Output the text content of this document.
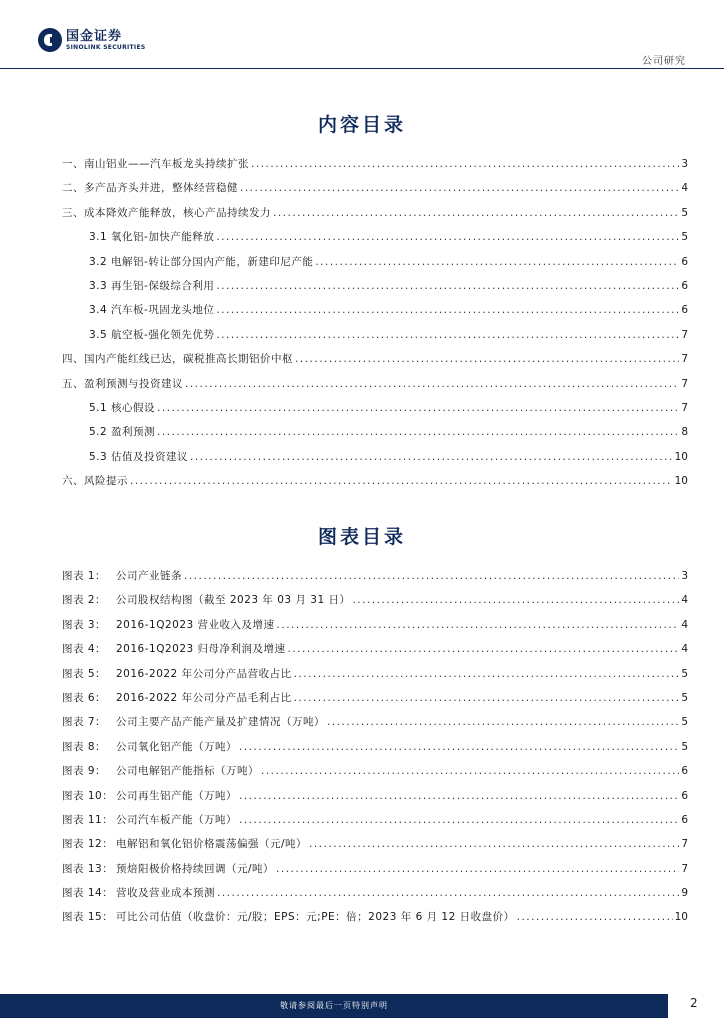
国金证券
SINOLINK SECURITIES
公司研究
内容目录
一、南山铝业——汽车板龙头持续扩张 .....	3
二、多产品齐头并进，整体经营稳健 .....	4
三、成本降效产能释放，核心产品持续发力 .....	5
3.1 氧化铝-加快产能释放 .....	5
3.2 电解铝-转让部分国内产能，新建印尼产能 .....	6
3.3 再生铝-保级综合利用 .....	6
3.4 汽车板-巩固龙头地位 .....	6
3.5 航空板-强化领先优势 .....	7
四、国内产能红线已达，碳税推高长期铝价中枢 .....	7
五、盈利预测与投资建议 .....	7
5.1 核心假设 .....	7
5.2 盈利预测 .....	8
5.3 估值及投资建议 .....	10
六、风险提示 .....	10
图表目录
图表 1： 公司产业链条 .....	3
图表 2： 公司股权结构图（截至 2023 年 03 月 31 日） .....	4
图表 3： 2016-1Q2023 营业收入及增速 .....	4
图表 4： 2016-1Q2023 归母净利润及增速 .....	4
图表 5： 2016-2022 年公司分产品营收占比 .....	5
图表 6： 2016-2022 年公司分产品毛利占比 .....	5
图表 7： 公司主要产品产能产量及扩建情况（万吨） .....	5
图表 8： 公司氧化铝产能（万吨） .....	5
图表 9： 公司电解铝产能指标（万吨） .....	6
图表 10： 公司再生铝产能（万吨） .....	6
图表 11： 公司汽车板产能（万吨） .....	6
图表 12： 电解铝和氧化铝价格震荡偏强（元/吨） .....	7
图表 13： 预焙阳极价格持续回调（元/吨） .....	7
图表 14： 营收及营业成本预测 .....	9
图表 15： 可比公司估值（收盘价：元/股；EPS：元;PE：倍；2023 年 6 月 12 日收盘价） .....	10
敬请参阅最后一页特别声明	2
